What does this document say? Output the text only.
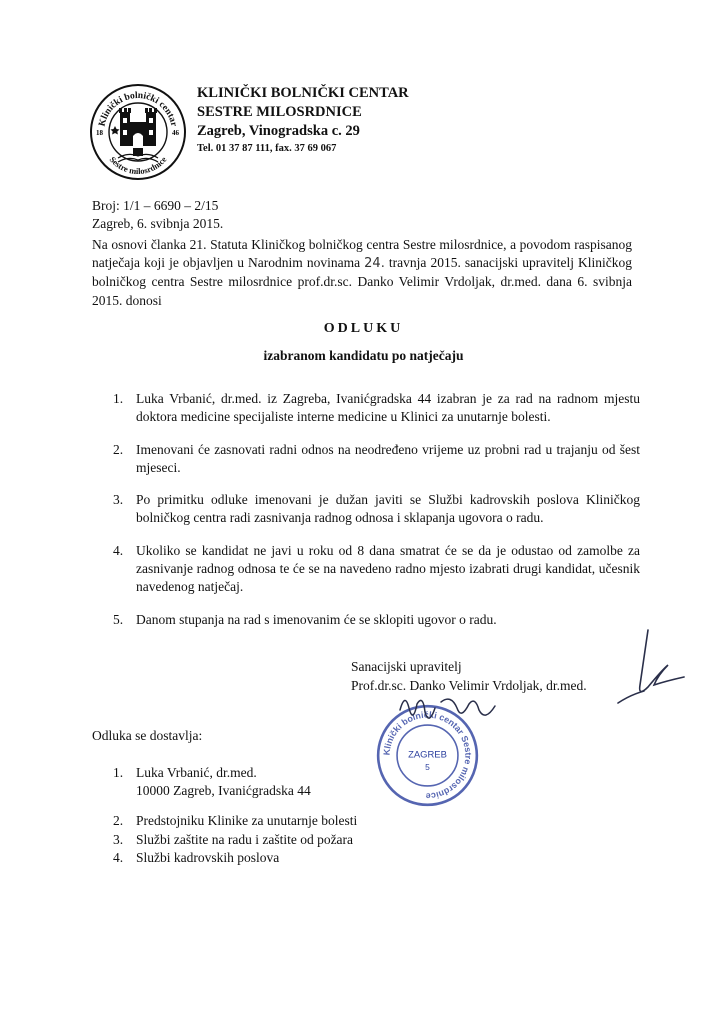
Klinički bolnički centar
Sestre milosrdnice
18	46
KLINIČKI BOLNIČKI CENTAR
SESTRE MILOSRDNICE
Zagreb, Vinogradska c. 29
Tel. 01 37 87 111, fax. 37 69 067
Broj: 1/1 – 6690 – 2/15
Zagreb, 6. svibnja 2015.
Na osnovi članka 21. Statuta Kliničkog bolničkog centra Sestre milosrdnice, a povodom raspisanog natječaja koji je objavljen u Narodnim novinama 24. travnja 2015. sanacijski upravitelj Kliničkog bolničkog centra Sestre milosrdnice prof.dr.sc. Danko Velimir Vrdoljak, dr.med. dana 6. svibnja 2015. donosi
ODLUKU
izabranom kandidatu po natječaju
1. Luka Vrbanić, dr.med. iz Zagreba, Ivanićgradska 44 izabran je za rad na radnom mjestu doktora medicine specijaliste interne medicine u Klinici za unutarnje bolesti.
2. Imenovani će zasnovati radni odnos na neodređeno vrijeme uz probni rad u trajanju od šest mjeseci.
3. Po primitku odluke imenovani je dužan javiti se Službi kadrovskih poslova Kliničkog bolničkog centra radi zasnivanja radnog odnosa i sklapanja ugovora o radu.
4. Ukoliko se kandidat ne javi u roku od 8 dana smatrat će se da je odustao od zamolbe za zasnivanje radnog odnosa te će se na navedeno radno mjesto izabrati drugi kandidat, učesnik navedenog natječaj.
5. Danom stupanja na rad s imenovanim će se sklopiti ugovor o radu.
Klinički bolnički centar Sestre milosrdnice
ZAGREB
5
Sanacijski upravitelj
Prof.dr.sc. Danko Velimir Vrdoljak, dr.med.
Odluka se dostavlja:
1. Luka Vrbanić, dr.med.
10000 Zagreb, Ivanićgradska 44
2. Predstojniku Klinike za unutarnje bolesti
3. Službi zaštite na radu i zaštite od požara
4. Službi kadrovskih poslova
